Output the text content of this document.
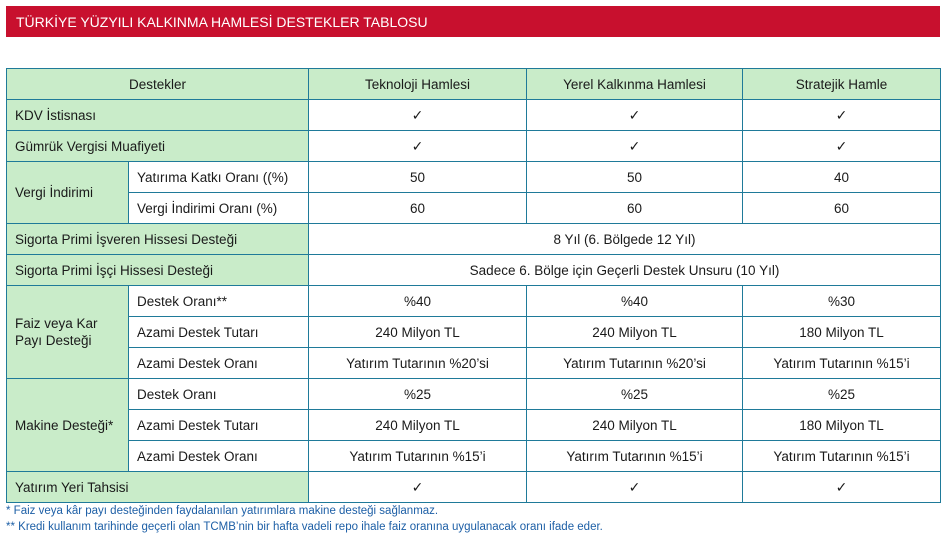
TÜRKİYE YÜZYILI KALKINMA HAMLESİ DESTEKLER TABLOSU
Destekler		Teknoloji Hamlesi	Yerel Kalkınma Hamlesi	Stratejik Hamle
KDV İstisnası		✓	✓	✓
Gümrük Vergisi Muafiyeti		✓	✓	✓
Vergi İndirimi	Yatırıma Katkı Oranı ((%)	50	50	40
	Vergi İndirimi Oranı (%)	60	60	60
Sigorta Primi İşveren Hissesi Desteği		8 Yıl (6. Bölgede 12 Yıl)		
Sigorta Primi İşçi Hissesi Desteği		Sadece 6. Bölge için Geçerli Destek Unsuru (10 Yıl)		
Faiz veya Kar Payı Desteği	Destek Oranı**	%40	%40	%30
	Azami Destek Tutarı	240 Milyon TL	240 Milyon TL	180 Milyon TL
	Azami Destek Oranı	Yatırım Tutarının %20’si	Yatırım Tutarının %20’si	Yatırım Tutarının %15’i
Makine Desteği*	Destek Oranı	%25	%25	%25
	Azami Destek Tutarı	240 Milyon TL	240 Milyon TL	180 Milyon TL
	Azami Destek Oranı	Yatırım Tutarının %15’i	Yatırım Tutarının %15’i	Yatırım Tutarının %15’i
Yatırım Yeri Tahsisi		✓	✓	✓
* Faiz veya kâr payı desteğinden faydalanılan yatırımlara makine desteği sağlanmaz.
** Kredi kullanım tarihinde geçerli olan TCMB’nin bir hafta vadeli repo ihale faiz oranına uygulanacak oranı ifade eder.
